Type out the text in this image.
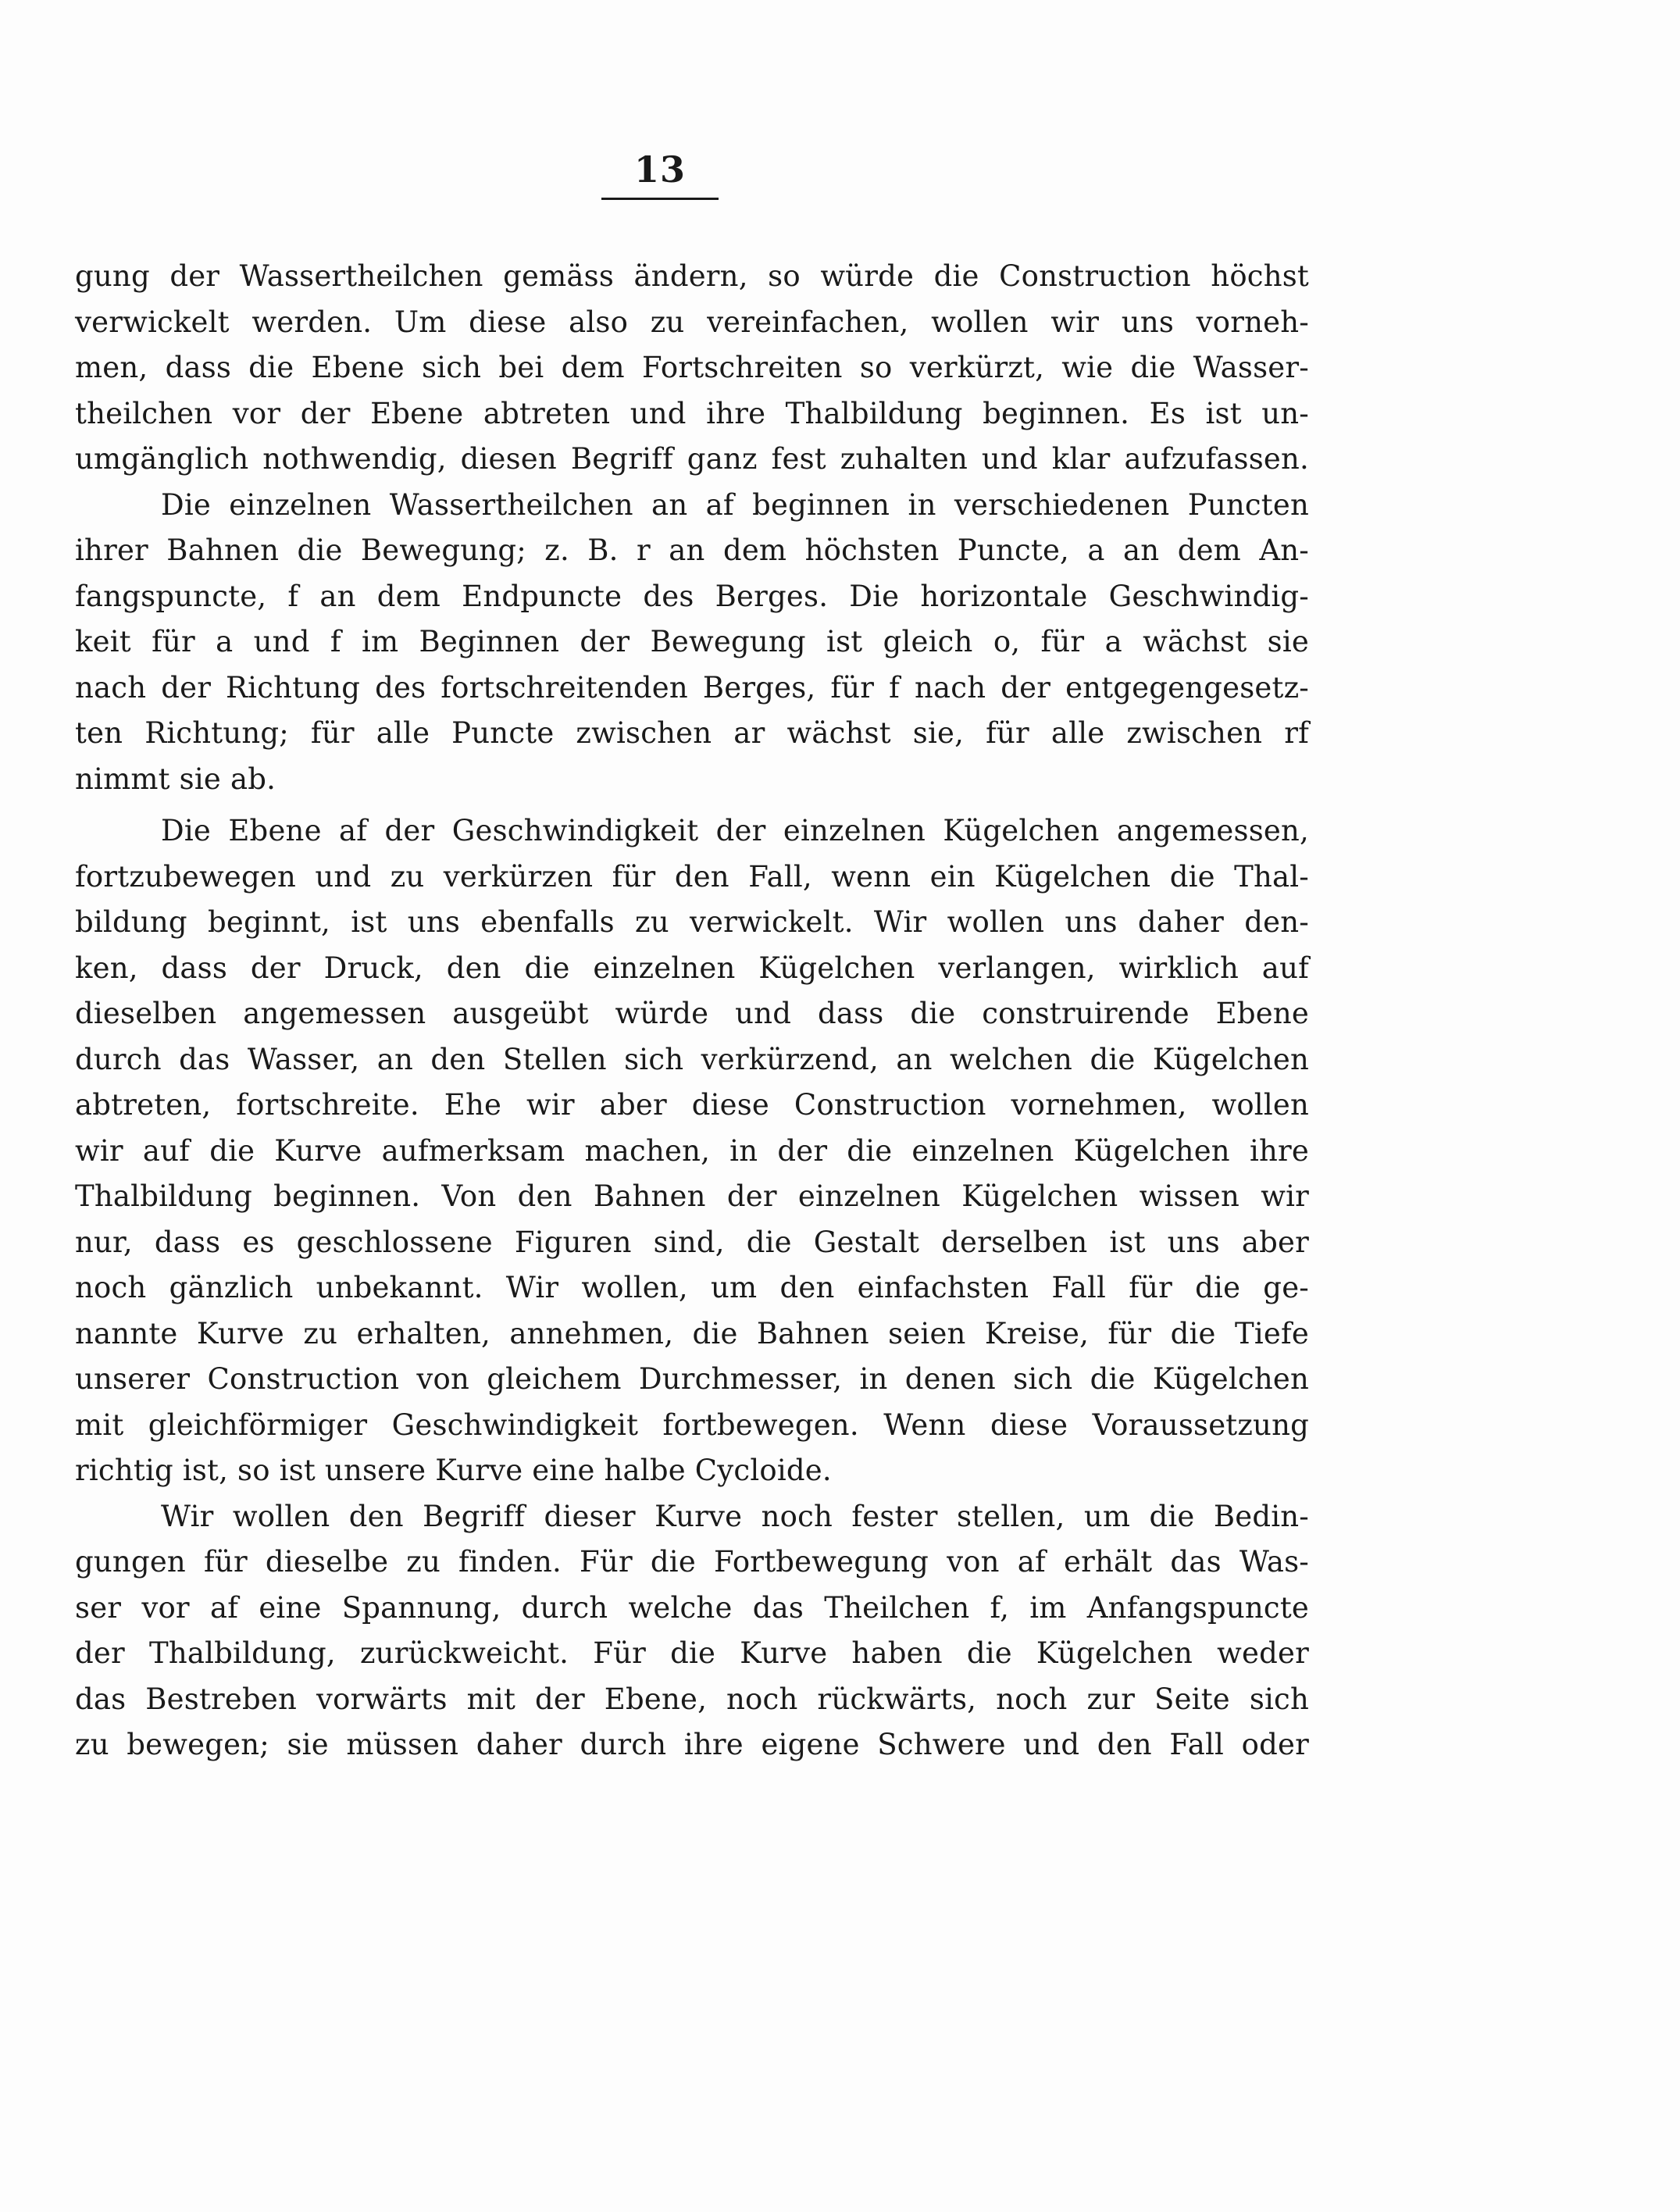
13
gung der Wassertheilchen gemäss ändern, so würde die Construction höchst
verwickelt werden. Um diese also zu vereinfachen, wollen wir uns vorneh-
men, dass die Ebene sich bei dem Fortschreiten so verkürzt, wie die Wasser-
theilchen vor der Ebene abtreten und ihre Thalbildung beginnen. Es ist un-
umgänglich nothwendig, diesen Begriff ganz fest zuhalten und klar aufzufassen.
Die einzelnen Wassertheilchen an af beginnen in verschiedenen Puncten
ihrer Bahnen die Bewegung; z. B. r an dem höchsten Puncte, a an dem An-
fangspuncte, f an dem Endpuncte des Berges. Die horizontale Geschwindig-
keit für a und f im Beginnen der Bewegung ist gleich o, für a wächst sie
nach der Richtung des fortschreitenden Berges, für f nach der entgegengesetz-
ten Richtung; für alle Puncte zwischen ar wächst sie, für alle zwischen rf
nimmt sie ab.
Die Ebene af der Geschwindigkeit der einzelnen Kügelchen angemessen,
fortzubewegen und zu verkürzen für den Fall, wenn ein Kügelchen die Thal-
bildung beginnt, ist uns ebenfalls zu verwickelt. Wir wollen uns daher den-
ken, dass der Druck, den die einzelnen Kügelchen verlangen, wirklich auf
dieselben angemessen ausgeübt würde und dass die construirende Ebene
durch das Wasser, an den Stellen sich verkürzend, an welchen die Kügelchen
abtreten, fortschreite. Ehe wir aber diese Construction vornehmen, wollen
wir auf die Kurve aufmerksam machen, in der die einzelnen Kügelchen ihre
Thalbildung beginnen. Von den Bahnen der einzelnen Kügelchen wissen wir
nur, dass es geschlossene Figuren sind, die Gestalt derselben ist uns aber
noch gänzlich unbekannt. Wir wollen, um den einfachsten Fall für die ge-
nannte Kurve zu erhalten, annehmen, die Bahnen seien Kreise, für die Tiefe
unserer Construction von gleichem Durchmesser, in denen sich die Kügelchen
mit gleichförmiger Geschwindigkeit fortbewegen. Wenn diese Voraussetzung
richtig ist, so ist unsere Kurve eine halbe Cycloide.
Wir wollen den Begriff dieser Kurve noch fester stellen, um die Bedin-
gungen für dieselbe zu finden. Für die Fortbewegung von af erhält das Was-
ser vor af eine Spannung, durch welche das Theilchen f, im Anfangspuncte
der Thalbildung, zurückweicht. Für die Kurve haben die Kügelchen weder
das Bestreben vorwärts mit der Ebene, noch rückwärts, noch zur Seite sich
zu bewegen; sie müssen daher durch ihre eigene Schwere und den Fall oder
